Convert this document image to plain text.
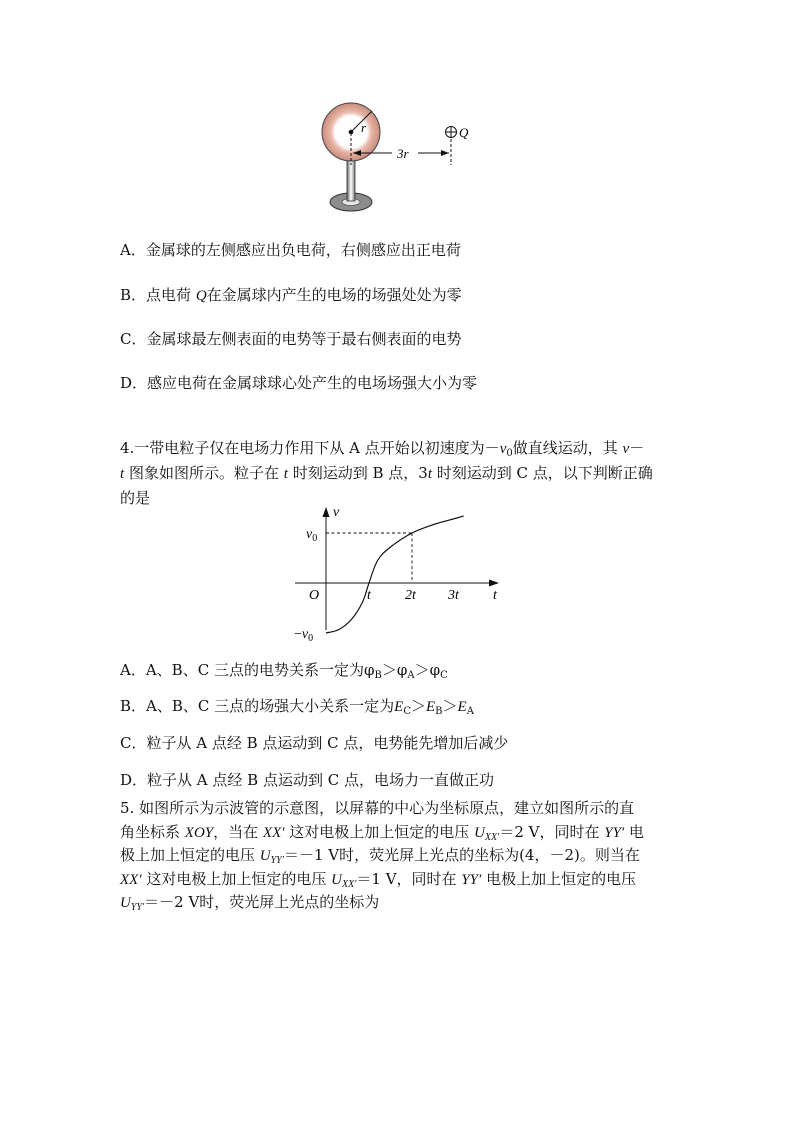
r
3r
Q
A．金属球的左侧感应出负电荷，右侧感应出正电荷
B．点电荷 Q在金属球内产生的电场的场强处处为零
C．金属球最左侧表面的电势等于最右侧表面的电势
D．感应电荷在金属球球心处产生的电场场强大小为零
4.一带电粒子仅在电场力作用下从 A 点开始以初速度为$-v_0$做直线运动，其 v－
t 图象如图所示。粒子在 t 时刻运动到 B 点，3t 时刻运动到 C 点，以下判断正确
的是
v
t
O	t 2t 3t
$v_0$
$-v_0$
A．A、B、C 三点的电势关系一定为$\varphi_B>\varphi_A>\varphi_C$
B．A、B、C 三点的场强大小关系一定为$E_C>E_B>E_A$
C．粒子从 A 点经 B 点运动到 C 点，电势能先增加后减少
D．粒子从 A 点经 B 点运动到 C 点，电场力一直做正功
5. 如图所示为示波管的示意图，以屏幕的中心为坐标原点，建立如图所示的直
角坐标系 XOY，当在 XX′ 这对电极上加上恒定的电压 $U_{XX'}=2$ V，同时在 YY′ 电
极上加上恒定的电压 $U_{YY'}=-1$ V时，荧光屏上光点的坐标为(4，－2)。则当在
XX′ 这对电极上加上恒定的电压 $U_{XX'}=1$ V，同时在 YY′ 电极上加上恒定的电压
$U_{YY'}=-2$ V时，荧光屏上光点的坐标为
